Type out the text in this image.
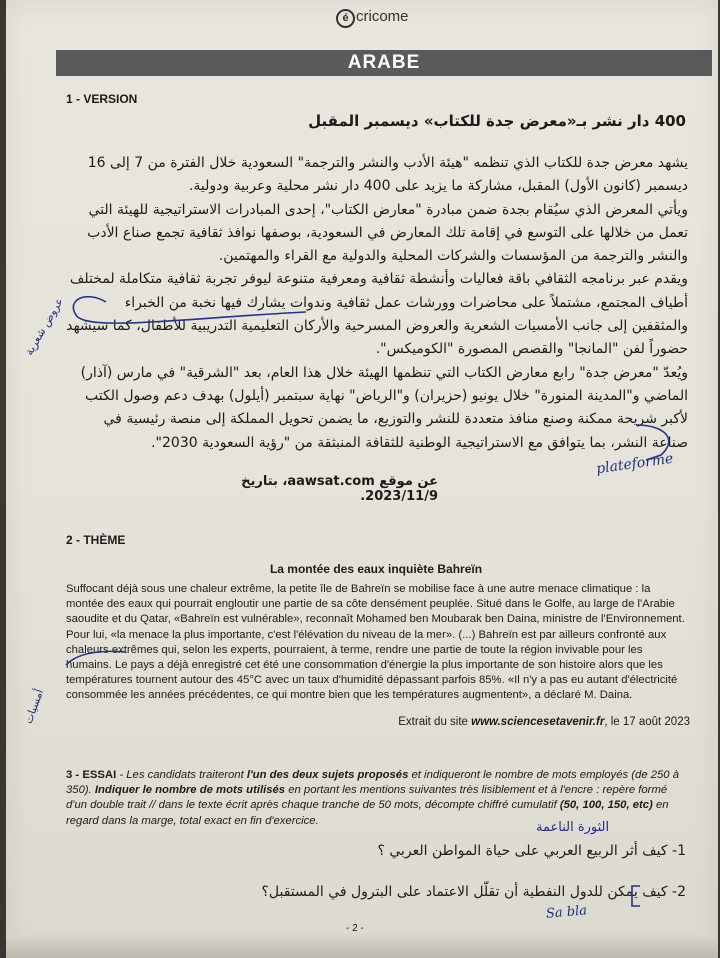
é cricome
ARABE
1 - VERSION
400 دار نشر بـ«معرض جدة للكتاب» ديسمبر المقبل

يشهد معرض جدة للكتاب الذي تنظمه "هيئة الأدب والنشر والترجمة" السعودية خلال الفترة من 7 إلى 16 ديسمبر (كانون الأول) المقبل، مشاركة ما يزيد على 400 دار نشر محلية وعربية ودولية.

ويأتي المعرض الذي سيُقام بجدة ضمن مبادرة "معارض الكتاب"، إحدى المبادرات الاستراتيجية للهيئة التي تعمل من خلالها على التوسع في إقامة تلك المعارض في السعودية، بوصفها نوافذ ثقافية تجمع صناع الأدب والنشر والترجمة من المؤسسات والشركات المحلية والدولية مع القراء والمهتمين.

ويقدم عبر برنامجه الثقافي باقة فعاليات وأنشطة ثقافية ومعرفية متنوعة ليوفر تجربة ثقافية متكاملة لمختلف أطياف المجتمع، مشتملاً على محاضرات وورشات عمل ثقافية وندوات يشارك فيها نخبة من الخبراء والمثقفين إلى جانب الأمسيات الشعرية والعروض المسرحية والأركان التعليمية التدريبية للأطفال، كما سيشهد حضوراً لفن "المانجا" والقصص المصورة "الكوميكس".

ويُعدّ "معرض جدة" رابع معارض الكتاب التي تنظمها الهيئة خلال هذا العام، بعد "الشرقية" في مارس (آذار) الماضي و"المدينة المنورة" خلال يونيو (حزيران) و"الرياض" نهاية سبتمبر (أيلول) بهدف دعم وصول الكتب لأكبر شريحة ممكنة وصنع منافذ متعددة للنشر والتوزيع، ما يضمن تحويل المملكة إلى منصة رئيسية في صناعة النشر، بما يتوافق مع الاستراتيجية الوطنية للثقافة المنبثقة من "رؤية السعودية 2030".

عن موقع aawsat.com، بتاريخ 2023/11/9.
2 - THÈME
La montée des eaux inquiète Bahreïn
Suffocant déjà sous une chaleur extrême, la petite île de Bahreïn se mobilise face à une autre menace climatique : la montée des eaux qui pourrait engloutir une partie de sa côte densément peuplée. Situé dans le Golfe, au large de l'Arabie saoudite et du Qatar, «Bahreïn est vulnérable», reconnaît Mohamed ben Moubarak ben Daina, ministre de l'Environnement. Pour lui, «la menace la plus importante, c'est l'élévation du niveau de la mer». (...) Bahreïn est par ailleurs confronté aux chaleurs extrêmes qui, selon les experts, pourraient, à terme, rendre une partie de toute la région invivable pour les humains. Le pays a déjà enregistré cet été une consommation d'énergie la plus importante de son histoire alors que les températures tournent autour des 45°C avec un taux d'humidité dépassant parfois 85%. «Il n'y a pas eu autant d'électricité consommée les années précédentes, ce qui montre bien que les températures augmentent», a déclaré M. Daina.
Extrait du site www.sciencesetavenir.fr, le 17 août 2023
3 - ESSAI - Les candidats traiteront l'un des deux sujets proposés et indiqueront le nombre de mots employés (de 250 à 350). Indiquer le nombre de mots utilisés en portant les mentions suivantes très lisiblement et à l'encre : repère formé d'un double trait // dans le texte écrit après chaque tranche de 50 mots, décompte chiffré cumulatif (50, 100, 150, etc) en regard dans la marge, total exact en fin d'exercice.
1- كيف أثر الربيع العربي على حياة المواطن العربي ؟
2- كيف يمكن للدول النفطية أن تقلّل الاعتماد على البترول في المستقبل؟
- 2 -
plateforme
الثورة الناعمة
Sa bla
عروض شعرية
أمسيات
